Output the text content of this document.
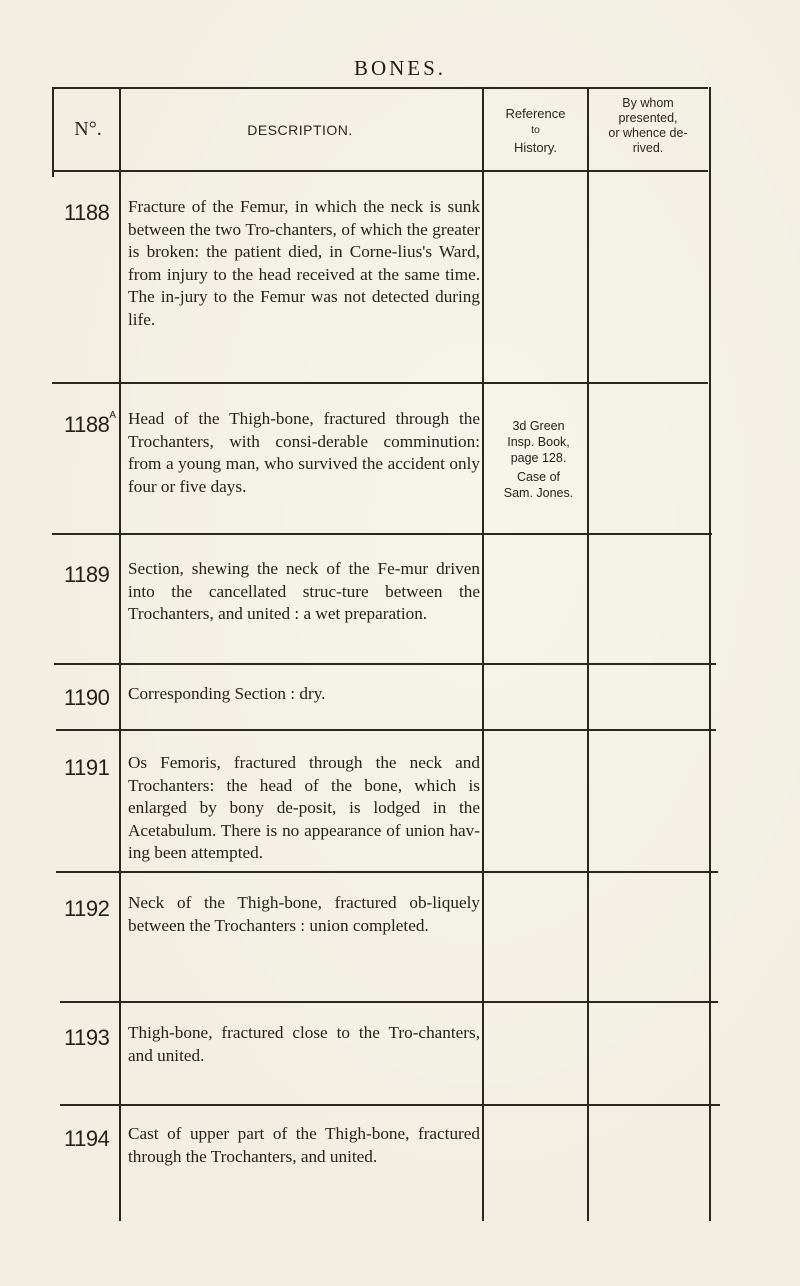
BONES.
N°.	DESCRIPTION.
Reference
to
History.
By whom
presented,
or whence de-
rived.
1188 Fracture of the Femur, in which the neck is sunk between the two Tro-chanters, of which the greater is broken: the patient died, in Corne-lius's Ward, from injury to the head received at the same time. The in-jury to the Femur was not detected during life.
$1188^A$ Head of the Thigh-bone, fractured through the Trochanters, with consi-derable comminution: from a young man, who survived the accident only four or five days.
3d Green
Insp. Book,
page 128.
Case of
Sam. Jones.
1189 Section, shewing the neck of the Fe-mur driven into the cancellated struc-ture between the Trochanters, and united : a wet preparation.
1190 Corresponding Section : dry.
1191 Os Femoris, fractured through the neck and Trochanters: the head of the bone, which is enlarged by bony de-posit, is lodged in the Acetabulum. There is no appearance of union hav-ing been attempted.
1192 Neck of the Thigh-bone, fractured ob-liquely between the Trochanters : union completed.
1193 Thigh-bone, fractured close to the Tro-chanters, and united.
1194 Cast of upper part of the Thigh-bone, fractured through the Trochanters, and united.
